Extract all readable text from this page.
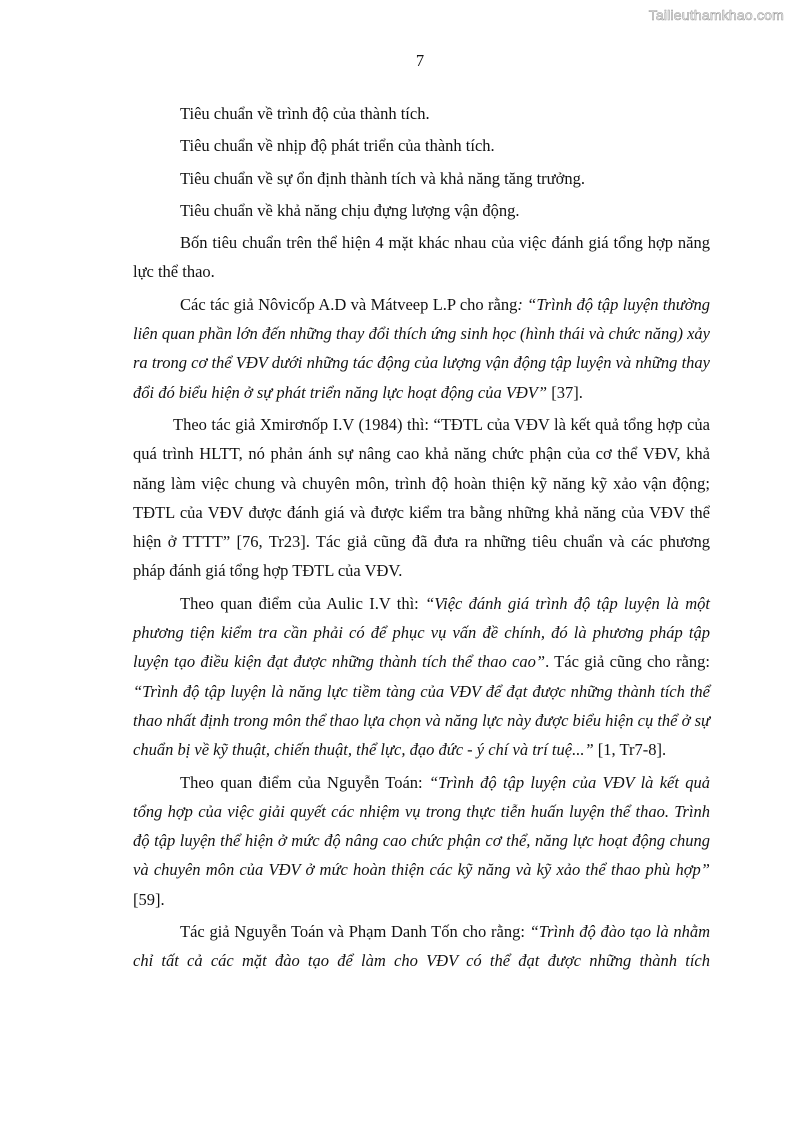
Tailieuthamkhao.com
7

Tiêu chuẩn về trình độ của thành tích.

Tiêu chuẩn về nhịp độ phát triển của thành tích.

Tiêu chuẩn về sự ổn định thành tích và khả năng tăng trưởng.

Tiêu chuẩn về khả năng chịu đựng lượng vận động.

Bốn tiêu chuẩn trên thể hiện 4 mặt khác nhau của việc đánh giá tổng hợp năng lực thể thao.

Các tác giả Nôvicốp A.D và Mátveep L.P cho rằng: “Trình độ tập luyện thường liên quan phần lớn đến những thay đổi thích ứng sinh học (hình thái và chức năng) xảy ra trong cơ thể VĐV dưới những tác động của lượng vận động tập luyện và những thay đổi đó biểu hiện ở sự phát triển năng lực hoạt động của VĐV” [37].

Theo tác giả Xmirơnốp I.V (1984) thì: “TĐTL của VĐV là kết quả tổng hợp của quá trình HLTT, nó phản ánh sự nâng cao khả năng chức phận của cơ thể VĐV, khả năng làm việc chung và chuyên môn, trình độ hoàn thiện kỹ năng kỹ xảo vận động; TĐTL của VĐV được đánh giá và được kiểm tra bằng những khả năng của VĐV thể hiện ở TTTT” [76, Tr23]. Tác giả cũng đã đưa ra những tiêu chuẩn và các phương pháp đánh giá tổng hợp TĐTL của VĐV.

Theo quan điểm của Aulic I.V thì: “Việc đánh giá trình độ tập luyện là một phương tiện kiểm tra cần phải có để phục vụ vấn đề chính, đó là phương pháp tập luyện tạo điều kiện đạt được những thành tích thể thao cao”. Tác giả cũng cho rằng: “Trình độ tập luyện là năng lực tiềm tàng của VĐV để đạt được những thành tích thể thao nhất định trong môn thể thao lựa chọn và năng lực này được biểu hiện cụ thể ở sự chuẩn bị về kỹ thuật, chiến thuật, thể lực, đạo đức - ý chí và trí tuệ...” [1, Tr7-8].

Theo quan điểm của Nguyễn Toán: “Trình độ tập luyện của VĐV là kết quả tổng hợp của việc giải quyết các nhiệm vụ trong thực tiễn huấn luyện thể thao. Trình độ tập luyện thể hiện ở mức độ nâng cao chức phận cơ thể, năng lực hoạt động chung và chuyên môn của VĐV ở mức hoàn thiện các kỹ năng và kỹ xảo thể thao phù hợp” [59].

Tác giả Nguyễn Toán và Phạm Danh Tốn cho rằng: “Trình độ đào tạo là nhằm chỉ tất cả các mặt đào tạo để làm cho VĐV có thể đạt được những thành tích
